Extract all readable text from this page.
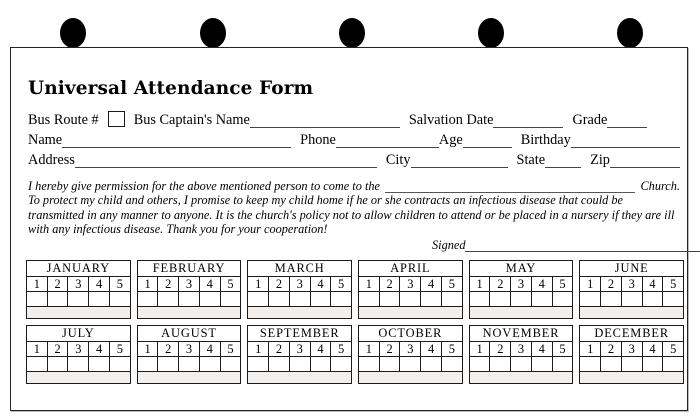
Universal Attendance Form
Bus Route # Bus Captain's Name	Salvation Date	Grade
Name	Phone	Age	Birthday
Address	City	State	Zip
I hereby give permission for the above mentioned person to come to the	Church.
To protect my child and others, I promise to keep my child home if he or she contracts an infectious disease that could be transmitted in any manner to anyone. It is the church's policy not to allow children to attend or be placed in a nursery if they are ill with any infectious disease. Thank you for your cooperation!
Signed
JANUARY
1	2	3	4	5
FEBRUARY
1	2	3	4	5
MARCH
1	2	3	4	5
APRIL
1	2	3	4	5
MAY
1	2	3	4	5
JUNE
1	2	3	4	5
JULY
1	2	3	4	5
AUGUST
1	2	3	4	5
SEPTEMBER
1	2	3	4	5
OCTOBER
1	2	3	4	5
NOVEMBER
1	2	3	4	5
DECEMBER
1	2	3	4	5
